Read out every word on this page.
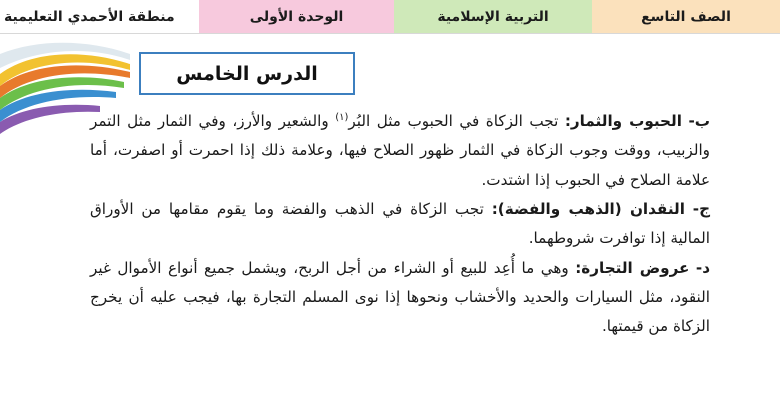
الصف التاسع
التربية الإسلامية
الوحدة الأولى
منطقة الأحمدي التعليمية
الدرس الخامس

ب- الحبوب والثمار: تجب الزكاة في الحبوب مثل البُر$^{(١)}$ والشعير والأرز، وفي الثمار مثل التمر والزبيب، ووقت وجوب الزكاة في الثمار ظهور الصلاح فيها، وعلامة ذلك إذا احمرت أو اصفرت، أما علامة الصلاح في الحبوب إذا اشتدت.

ج- النقدان (الذهب والفضة): تجب الزكاة في الذهب والفضة وما يقوم مقامها من الأوراق المالية إذا توافرت شروطهما.

د- عروض التجارة: وهي ما أُعِد للبيع أو الشراء من أجل الربح، ويشمل جميع أنواع الأموال غير النقود، مثل السيارات والحديد والأخشاب ونحوها إذا نوى المسلم التجارة بها، فيجب عليه أن يخرج الزكاة من قيمتها.
